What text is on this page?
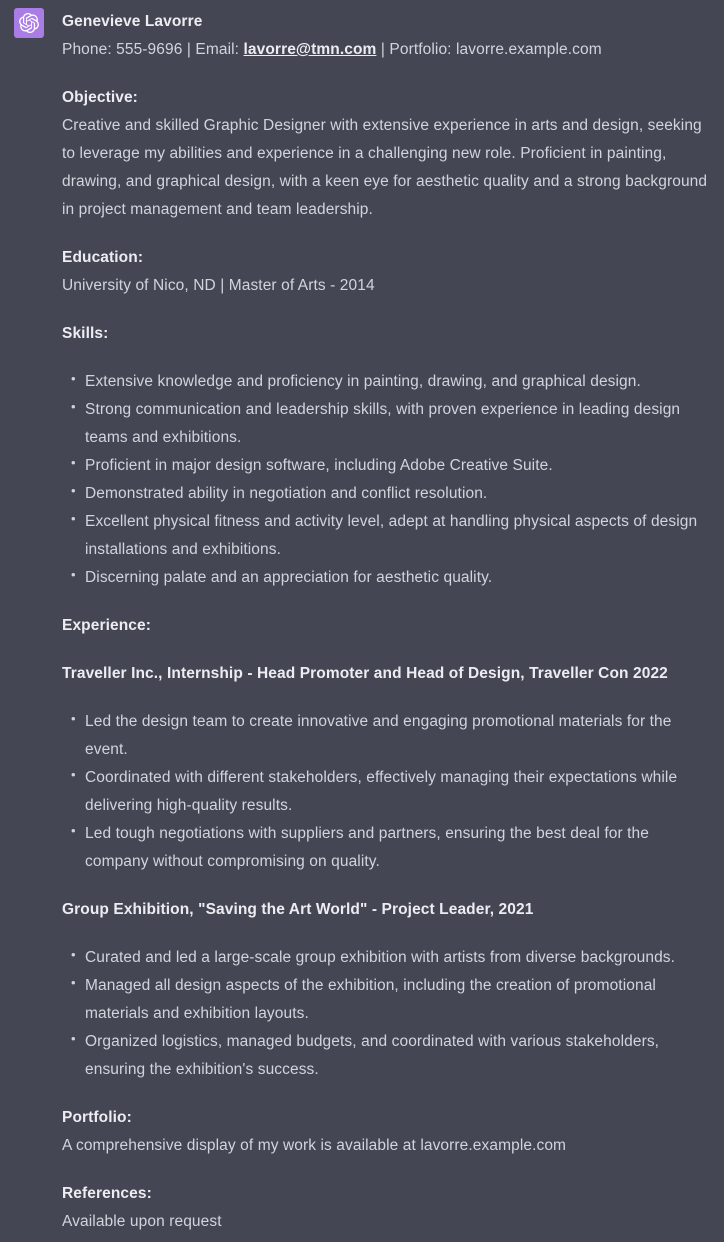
Genevieve Lavorre
Phone: 555-9696 | Email: lavorre@tmn.com | Portfolio: lavorre.example.com

Objective:
Creative and skilled Graphic Designer with extensive experience in arts and design, seeking to leverage my abilities and experience in a challenging new role. Proficient in painting, drawing, and graphical design, with a keen eye for aesthetic quality and a strong background in project management and team leadership.

Education:
University of Nico, ND | Master of Arts - 2014

Skills:

• Extensive knowledge and proficiency in painting, drawing, and graphical design.
• Strong communication and leadership skills, with proven experience in leading design teams and exhibitions.
• Proficient in major design software, including Adobe Creative Suite.
• Demonstrated ability in negotiation and conflict resolution.
• Excellent physical fitness and activity level, adept at handling physical aspects of design installations and exhibitions.
• Discerning palate and an appreciation for aesthetic quality.

Experience:

Traveller Inc., Internship - Head Promoter and Head of Design, Traveller Con 2022

• Led the design team to create innovative and engaging promotional materials for the event.
• Coordinated with different stakeholders, effectively managing their expectations while delivering high-quality results.
• Led tough negotiations with suppliers and partners, ensuring the best deal for the company without compromising on quality.

Group Exhibition, "Saving the Art World" - Project Leader, 2021

• Curated and led a large-scale group exhibition with artists from diverse backgrounds.
• Managed all design aspects of the exhibition, including the creation of promotional materials and exhibition layouts.
• Organized logistics, managed budgets, and coordinated with various stakeholders, ensuring the exhibition's success.

Portfolio:
A comprehensive display of my work is available at lavorre.example.com

References:
Available upon request
